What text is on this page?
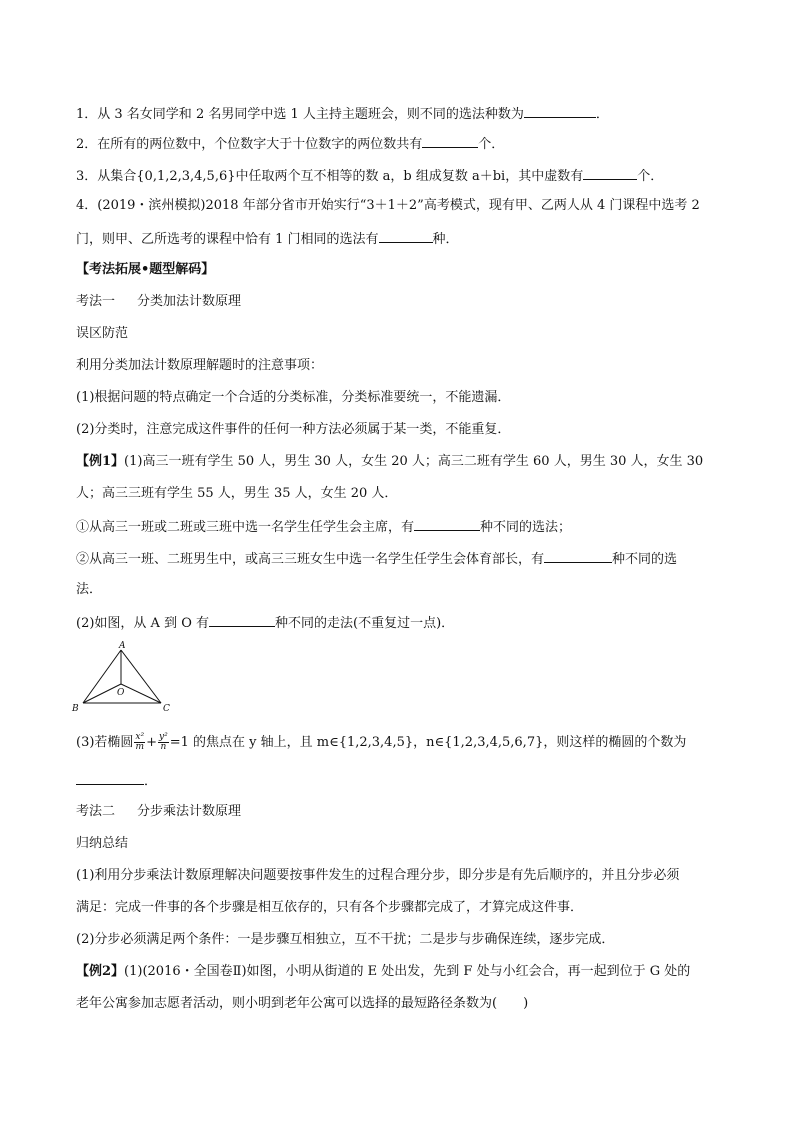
1．从 3 名女同学和 2 名男同学中选 1 人主持主题班会，则不同的选法种数为	．
2．在所有的两位数中，个位数字大于十位数字的两位数共有	个．
3．从集合{0,1,2,3,4,5,6}中任取两个互不相等的数 a，b 组成复数 a＋bi，其中虚数有	个．
4．(2019・滨州模拟)2018 年部分省市开始实行“3＋1＋2”高考模式，现有甲、乙两人从 4 门课程中选考 2
门，则甲、乙所选考的课程中恰有 1 门相同的选法有	种．
【考法拓展•题型解码】
考法一 分类加法计数原理
误区防范
利用分类加法计数原理解题时的注意事项：
(1)根据问题的特点确定一个合适的分类标准，分类标准要统一，不能遗漏．
(2)分类时，注意完成这件事件的任何一种方法必须属于某一类，不能重复．
【例1】(1)高三一班有学生 50 人，男生 30 人，女生 20 人；高三二班有学生 60 人，男生 30 人，女生 30
人；高三三班有学生 55 人，男生 35 人，女生 20 人．
①从高三一班或二班或三班中选一名学生任学生会主席，有	种不同的选法；
②从高三一班、二班男生中，或高三三班女生中选一名学生任学生会体育部长，有	种不同的选
法．
(2)如图，从 A 到 O 有	种不同的走法(不重复过一点)．
A
B	C
O
(3)若椭圆 $\frac{\text{x²}}{m} + \frac{\text{y²}}{n} =1$ 的焦点在 y 轴上，且 m∈{1,2,3,4,5}，n∈{1,2,3,4,5,6,7}，则这样的椭圆的个数为
．
考法二 分步乘法计数原理
归纳总结
(1)利用分步乘法计数原理解决问题要按事件发生的过程合理分步，即分步是有先后顺序的，并且分步必须
满足：完成一件事的各个步骤是相互依存的，只有各个步骤都完成了，才算完成这件事．
(2)分步必须满足两个条件：一是步骤互相独立，互不干扰；二是步与步确保连续，逐步完成．
【例2】(1)(2016・全国卷Ⅱ)如图，小明从街道的 E 处出发，先到 F 处与小红会合，再一起到位于 G 处的
老年公寓参加志愿者活动，则小明到老年公寓可以选择的最短路径条数为(　　)
